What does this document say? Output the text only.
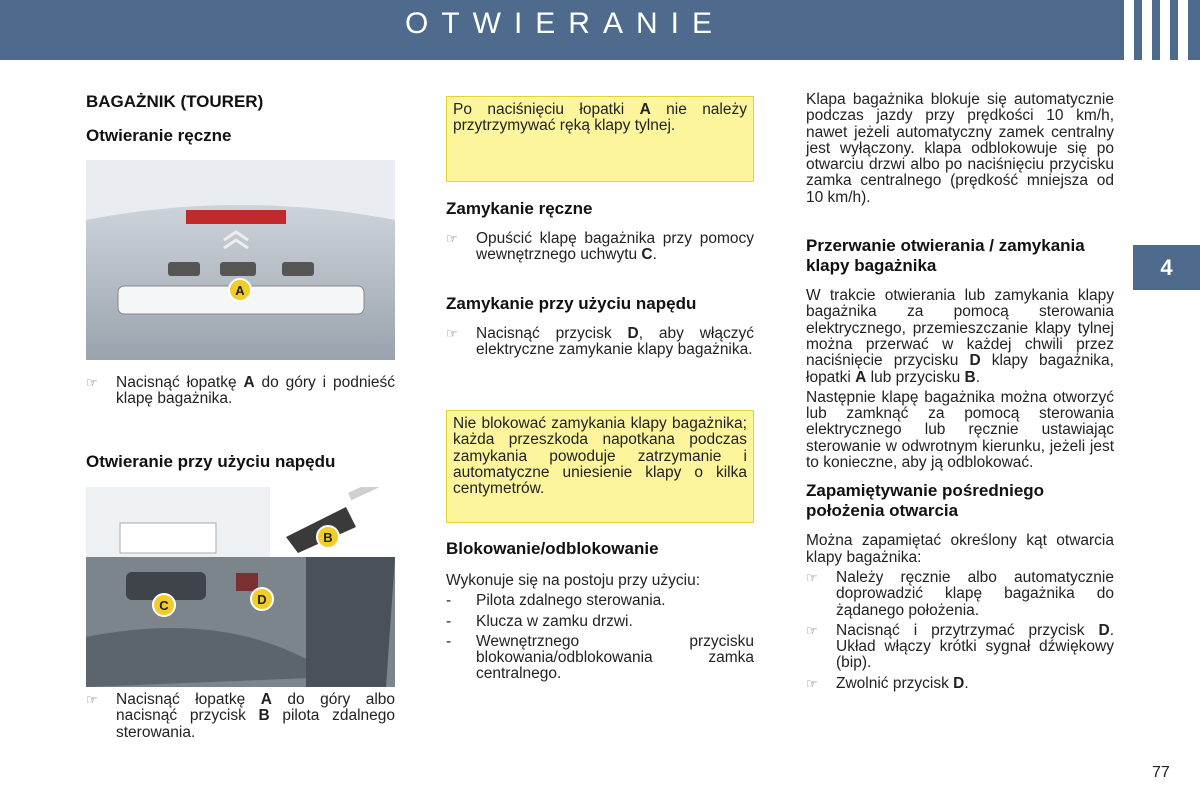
OTWIERANIE
4
77
BAGAŻNIK (TOURER)
Otwieranie ręczne
A
☞	Nacisnąć łopatkę A do góry i podnieść klapę bagażnika.
Otwieranie przy użyciu napędu
B
C	D
☞	Nacisnąć łopatkę A do góry albo nacisnąć przycisk B pilota zdalnego sterowania.
Po naciśnięciu łopatki A nie należy przytrzymywać ręką klapy tylnej.
Zamykanie ręczne
☞	Opuścić klapę bagażnika przy pomocy wewnętrznego uchwytu C.
Zamykanie przy użyciu napędu
☞	Nacisnąć przycisk D, aby włączyć elektryczne zamykanie klapy bagażnika.
Nie blokować zamykania klapy bagażnika; każda przeszkoda napotkana podczas zamykania powoduje zatrzymanie i automatyczne uniesienie klapy o kilka centymetrów.
Blokowanie/odblokowanie

Wykonuje się na postoju przy użyciu:

-	Pilota zdalnego sterowania.
-	Klucza w zamku drzwi.
-	Wewnętrznego przycisku blokowania/odblokowania zamka centralnego.

Klapa bagażnika blokuje się automatycznie podczas jazdy przy prędkości 10 km/h, nawet jeżeli automatyczny zamek centralny jest wyłączony. klapa odblokowuje się po otwarciu drzwi albo po naciśnięciu przycisku zamka centralnego (prędkość mniejsza od 10 km/h).

Przerwanie otwierania / zamykania klapy bagażnika

W trakcie otwierania lub zamykania klapy bagażnika za pomocą sterowania elektrycznego, przemieszczanie klapy tylnej można przerwać w każdej chwili przez naciśnięcie przycisku D klapy bagażnika, łopatki A lub przycisku B.

Następnie klapę bagażnika można otworzyć lub zamknąć za pomocą sterowania elektrycznego lub ręcznie ustawiając sterowanie w odwrotnym kierunku, jeżeli jest to konieczne, aby ją odblokować.

Zapamiętywanie pośredniego położenia otwarcia

Można zapamiętać określony kąt otwarcia klapy bagażnika:

☞	Należy ręcznie albo automatycznie doprowadzić klapę bagażnika do żądanego położenia.
☞	Nacisnąć i przytrzymać przycisk D. Układ włączy krótki sygnał dźwiękowy (bip).
☞	Zwolnić przycisk D.
